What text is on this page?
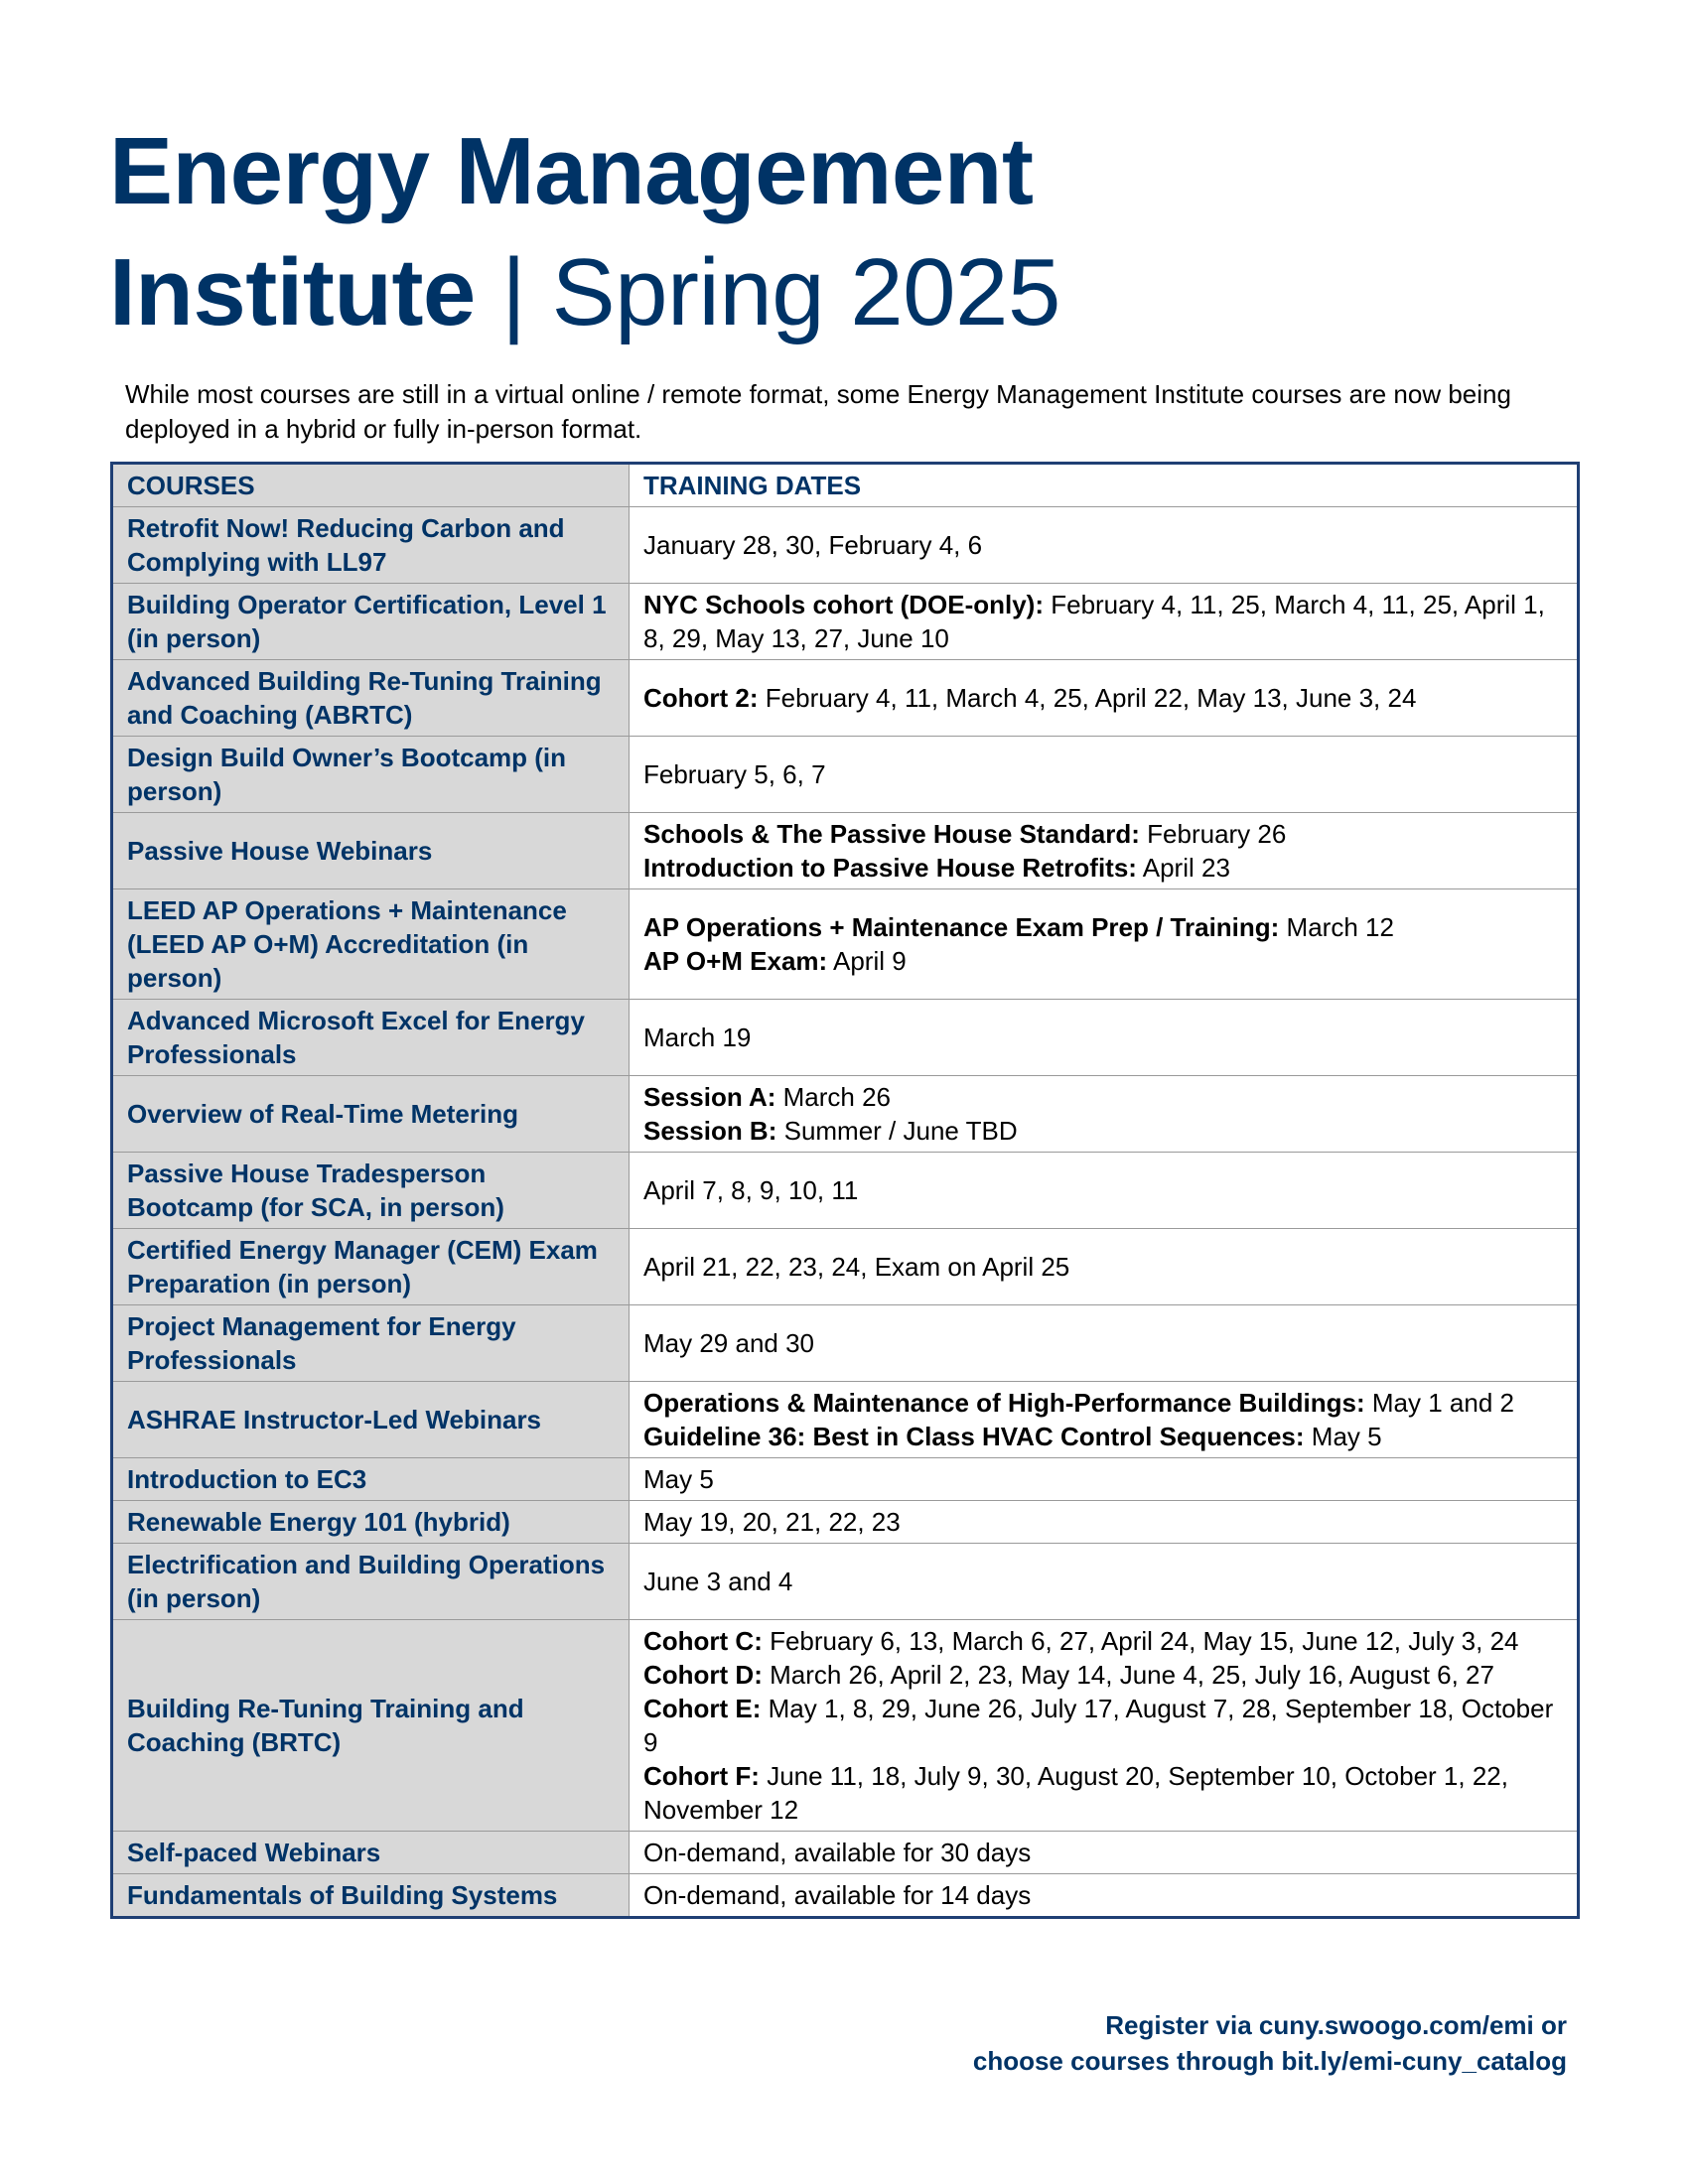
Energy Management
Institute | Spring 2025

While most courses are still in a virtual online / remote format, some Energy Management Institute courses are now being deployed in a hybrid or fully in-person format.

COURSES	TRAINING DATES
Retrofit Now! Reducing Carbon and Complying with LL97	January 28, 30, February 4, 6

Building Operator Certification, Level 1 (in person)	NYC Schools cohort (DOE-only): February 4, 11, 25, March 4, 11, 25, April 1, 8, 29, May 13, 27, June 10

Advanced Building Re-Tuning Training and Coaching (ABRTC)	Cohort 2: February 4, 11, March 4, 25, April 22, May 13, June 3, 24

Design Build Owner’s Bootcamp (in person)	February 5, 6, 7

Passive House Webinars	Schools & The Passive House Standard: February 26
Introduction to Passive House Retrofits: April 23

LEED AP Operations + Maintenance (LEED AP O+M) Accreditation (in person)	AP Operations + Maintenance Exam Prep / Training: March 12
AP O+M Exam: April 9

Advanced Microsoft Excel for Energy Professionals	March 19

Overview of Real-Time Metering	Session A: March 26
Session B: Summer / June TBD

Passive House Tradesperson Bootcamp (for SCA, in person)	April 7, 8, 9, 10, 11

Certified Energy Manager (CEM) Exam Preparation (in person)	April 21, 22, 23, 24, Exam on April 25

Project Management for Energy Professionals	May 29 and 30

ASHRAE Instructor-Led Webinars	Operations & Maintenance of High-Performance Buildings: May 1 and 2
Guideline 36: Best in Class HVAC Control Sequences: May 5

Introduction to EC3	May 5

Renewable Energy 101 (hybrid)	May 19, 20, 21, 22, 23

Electrification and Building Operations (in person)	June 3 and 4

Building Re-Tuning Training and Coaching (BRTC)	Cohort C: February 6, 13, March 6, 27, April 24, May 15, June 12, July 3, 24
Cohort D: March 26, April 2, 23, May 14, June 4, 25, July 16, August 6, 27
Cohort E: May 1, 8, 29, June 26, July 17, August 7, 28, September 18, October 9
Cohort F: June 11, 18, July 9, 30, August 20, September 10, October 1, 22, November 12

Self-paced Webinars	On-demand, available for 30 days

Fundamentals of Building Systems	On-demand, available for 14 days
Register via cuny.swoogo.com/emi or
choose courses through bit.ly/emi-cuny_catalog
